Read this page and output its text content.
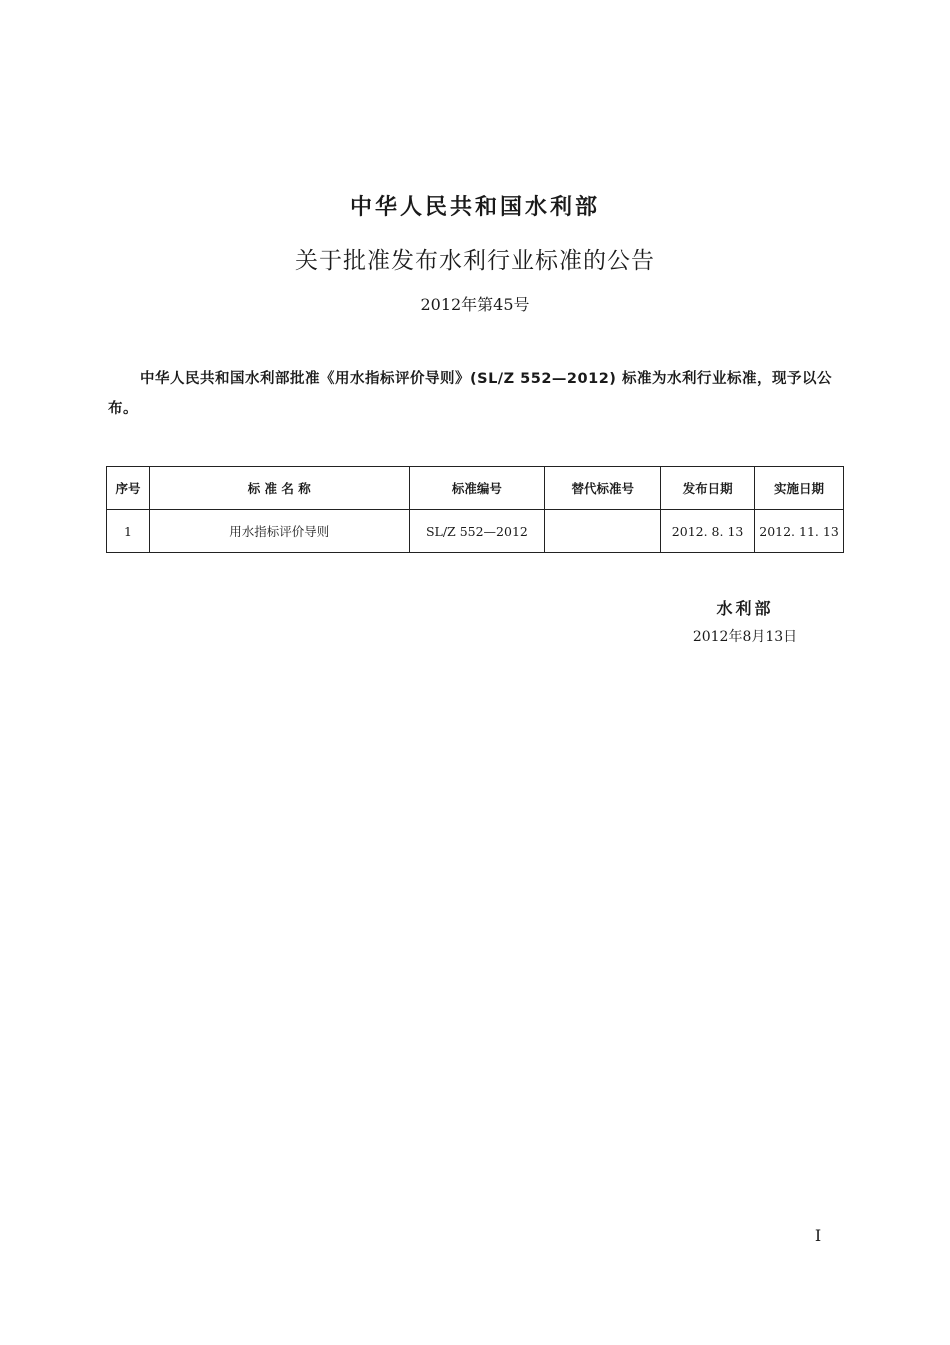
中华人民共和国水利部
关于批准发布水利行业标准的公告
2012年第45号
中华人民共和国水利部批准《用水指标评价导则》(SL/Z 552—2012) 标准为水利行业标准，现予以公布。
序号	标 准 名 称	标准编号	替代标准号	发布日期	实施日期
1	用水指标评价导则	SL/Z 552—2012		2012. 8. 13	2012. 11. 13
水利部
2012年8月13日
I
